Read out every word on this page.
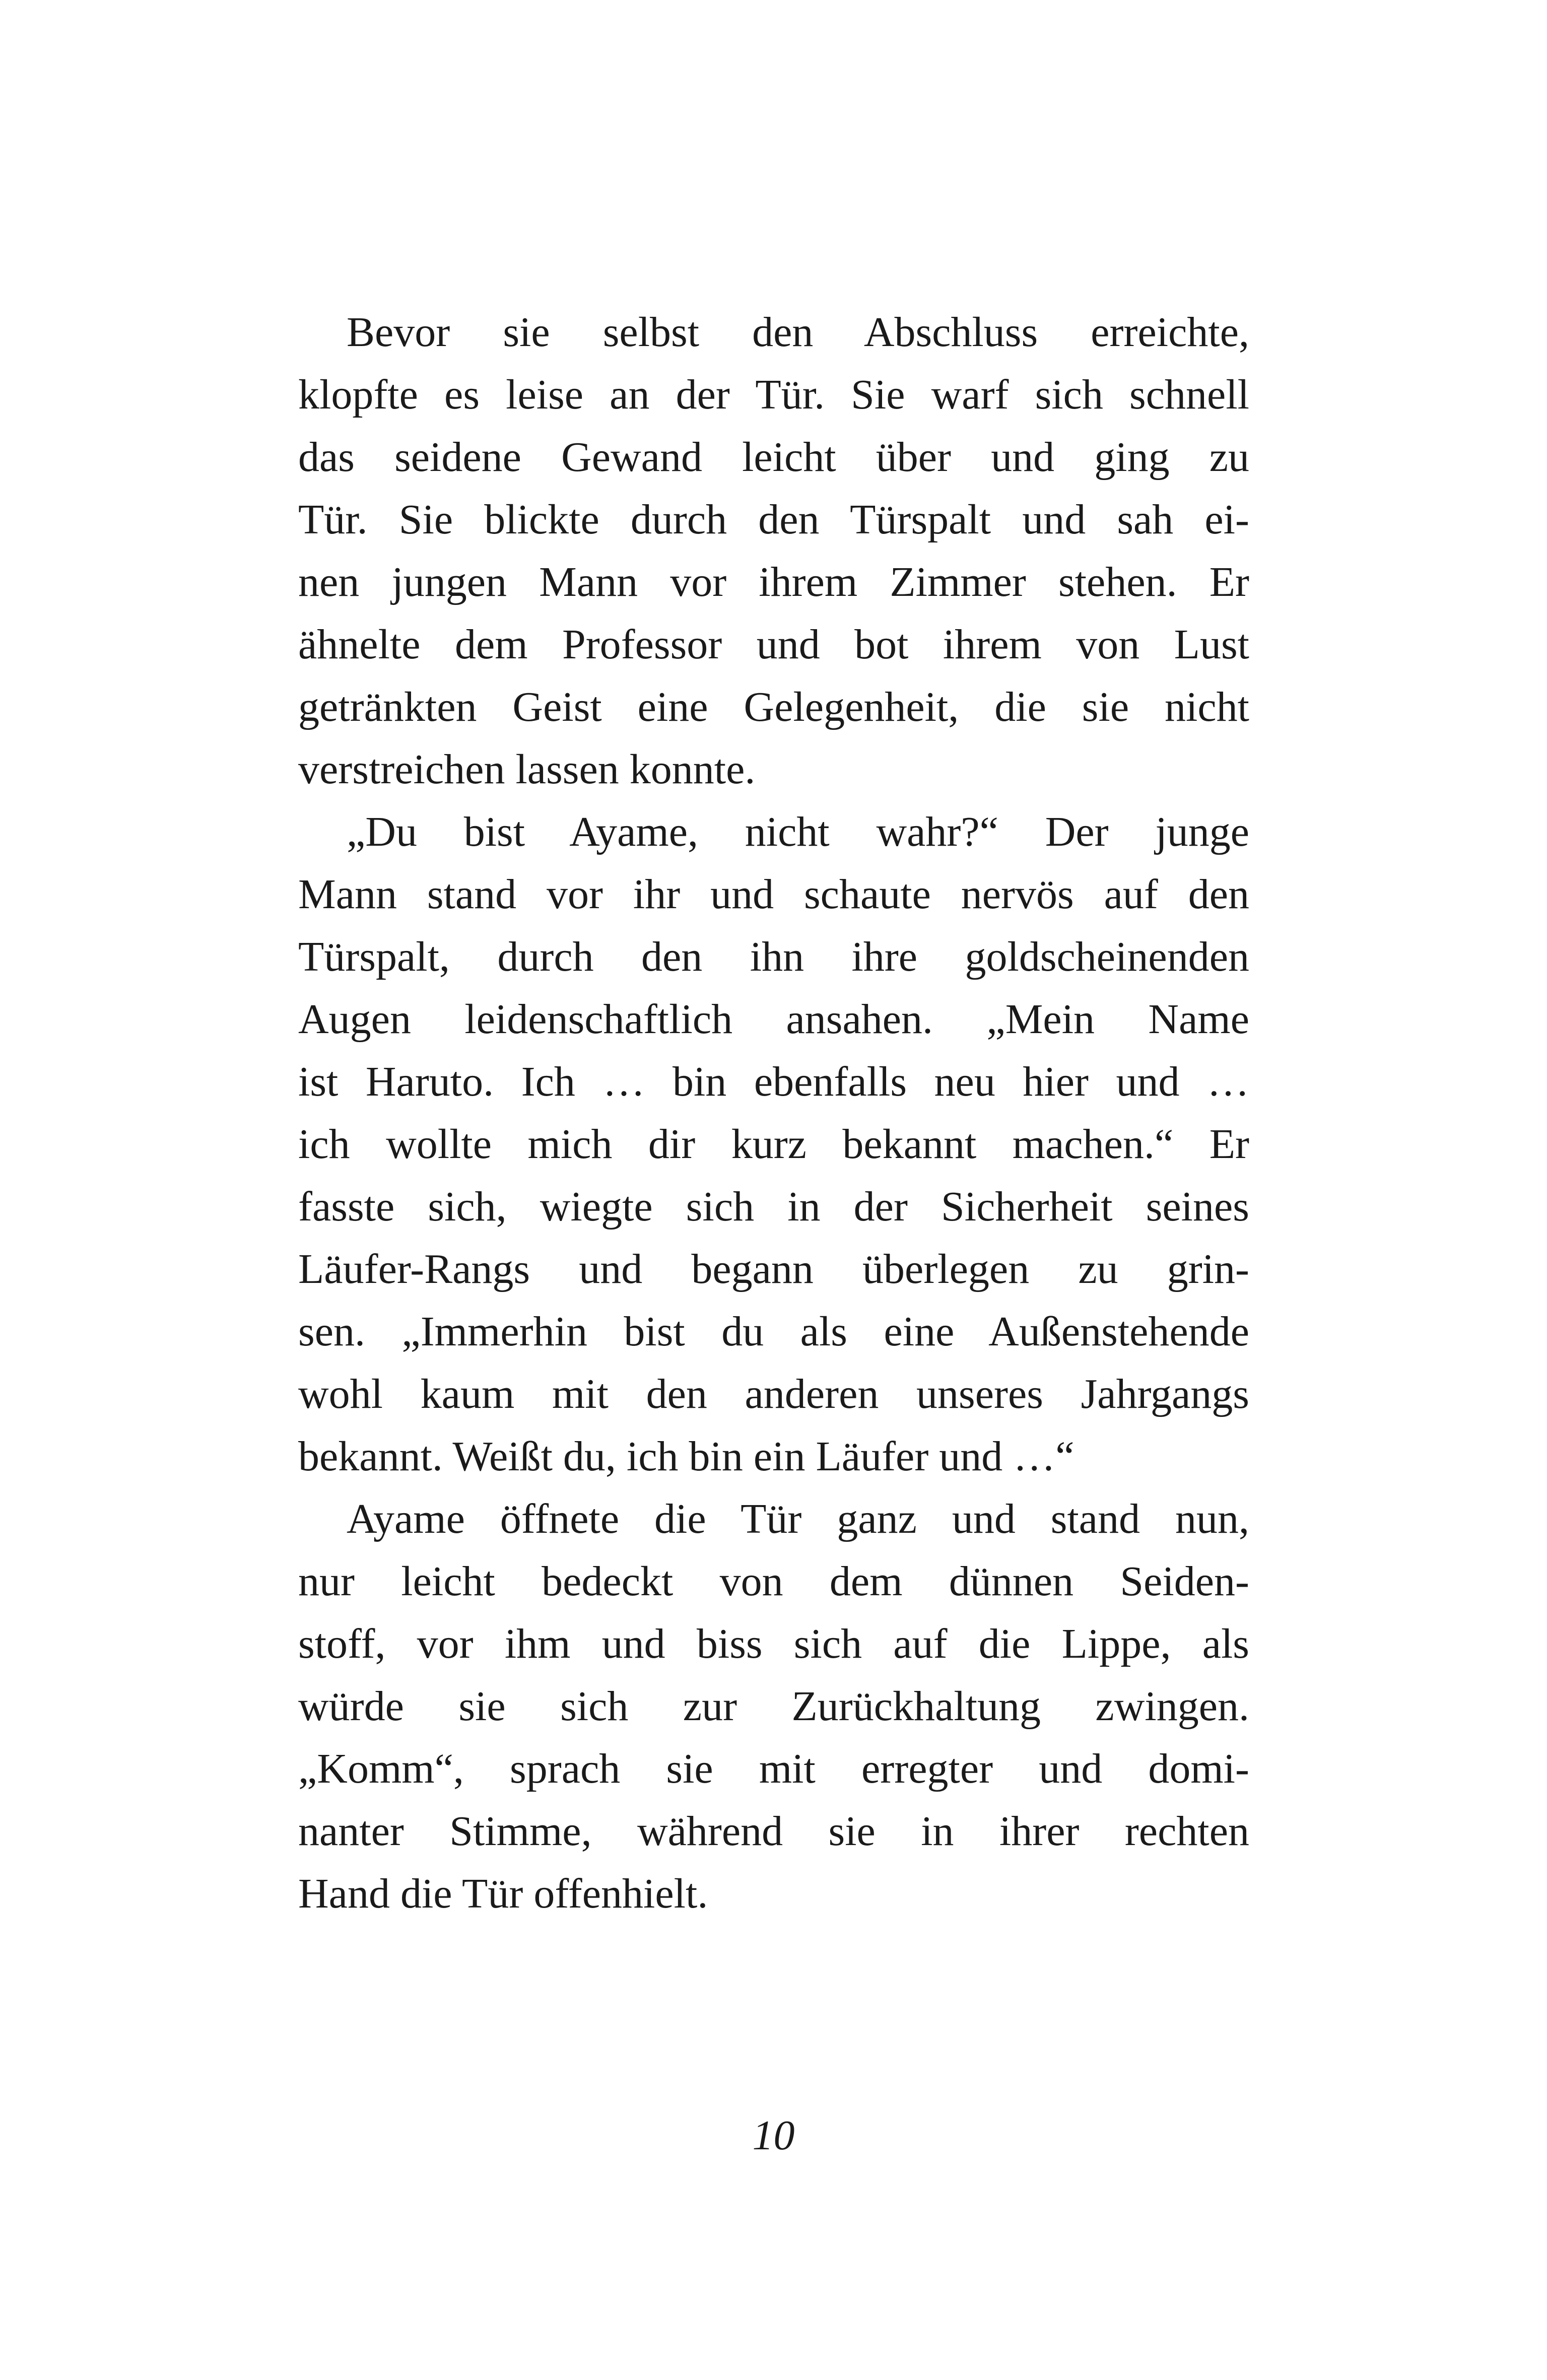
Bevor sie selbst den Abschluss erreichte,
klopfte es leise an der Tür. Sie warf sich schnell
das seidene Gewand leicht über und ging zu
Tür. Sie blickte durch den Türspalt und sah ei-
nen jungen Mann vor ihrem Zimmer stehen. Er
ähnelte dem Professor und bot ihrem von Lust
getränkten Geist eine Gelegenheit, die sie nicht
verstreichen lassen konnte.
„Du bist Ayame, nicht wahr?“ Der junge
Mann stand vor ihr und schaute nervös auf den
Türspalt, durch den ihn ihre goldscheinenden
Augen leidenschaftlich ansahen. „Mein Name
ist Haruto. Ich … bin ebenfalls neu hier und …
ich wollte mich dir kurz bekannt machen.“ Er
fasste sich, wiegte sich in der Sicherheit seines
Läufer-Rangs und begann überlegen zu grin-
sen. „Immerhin bist du als eine Außenstehende
wohl kaum mit den anderen unseres Jahrgangs
bekannt. Weißt du, ich bin ein Läufer und …“
Ayame öffnete die Tür ganz und stand nun,
nur leicht bedeckt von dem dünnen Seiden-
stoff, vor ihm und biss sich auf die Lippe, als
würde sie sich zur Zurückhaltung zwingen.
„Komm“, sprach sie mit erregter und domi-
nanter Stimme, während sie in ihrer rechten
Hand die Tür offenhielt.
10
